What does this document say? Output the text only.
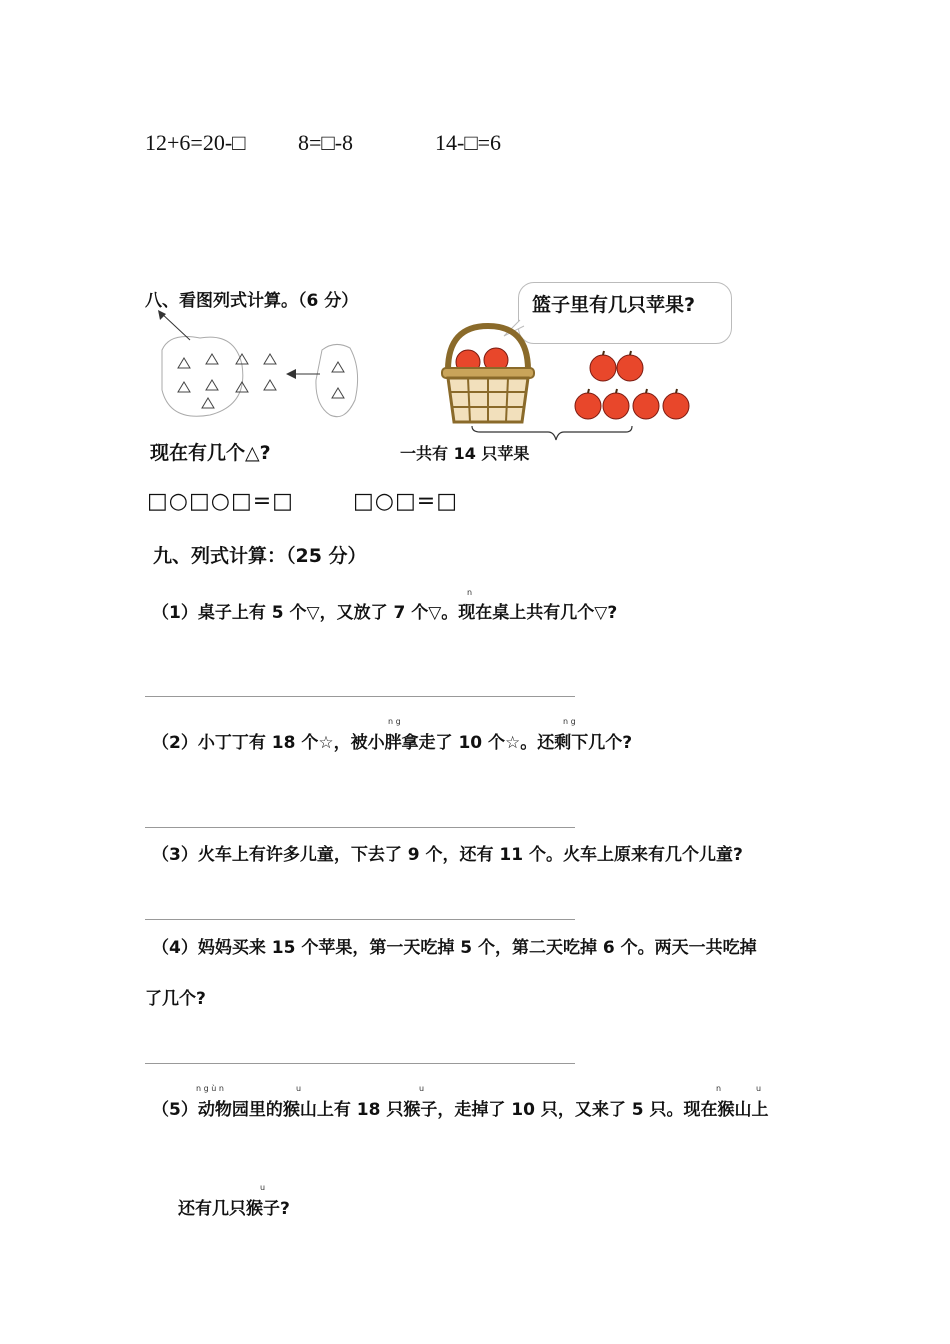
12+6=20-□ 8=□-8	14-□=6
八、看图列式计算。（6 分）	篮子里有几只苹果?
现在有几个△?	一共有 14 只苹果
□○□○□=□	□○□=□
九、列式计算：（25 分）
n
（1）桌子上有 5 个▽，又放了 7 个▽。现在桌上共有几个▽?
n g	n g
（2）小丁丁有 18 个☆，被小胖拿走了 10 个☆。还剩下几个?
（3）火车上有许多儿童，下去了 9 个，还有 11 个。火车上原来有几个儿童?
（4）妈妈买来 15 个苹果，第一天吃掉 5 个，第二天吃掉 6 个。两天一共吃掉
了几个?
n g ù n	u	u	n	u
（5）动物园里的猴山上有 18 只猴子，走掉了 10 只，又来了 5 只。现在猴山上
u
还有几只猴子?
